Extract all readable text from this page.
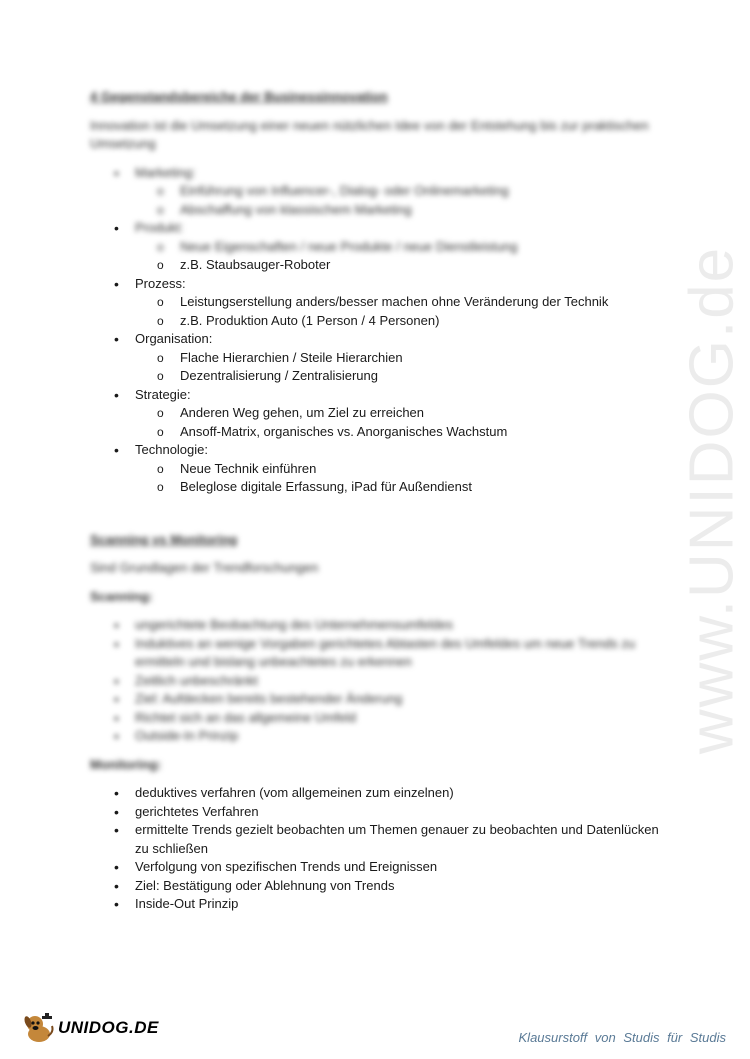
www.UNIDOG.de

4 Gegenstandsbereiche der Businessinnovation

Innovation ist die Umsetzung einer neuen nützlichen Idee von der Entstehung bis zur praktischen Umsetzung

• Marketing:
o Einführung von Influencer-, Dialog- oder Onlinemarketing
o Abschaffung von klassischem Marketing
• Produkt:
o Neue Eigenschaften / neue Produkte / neue Dienstleistung
o z.B. Staubsauger-Roboter
• Prozess:
o Leistungserstellung anders/besser machen ohne Veränderung der Technik
o z.B. Produktion Auto (1 Person / 4 Personen)
• Organisation:
o Flache Hierarchien / Steile Hierarchien
o Dezentralisierung / Zentralisierung
• Strategie:
o Anderen Weg gehen, um Ziel zu erreichen
o Ansoff-Matrix, organisches vs. Anorganisches Wachstum
• Technologie:
o Neue Technik einführen
o Beleglose digitale Erfassung, iPad für Außendienst

Scanning vs Monitoring

Sind Grundlagen der Trendforschungen

Scanning:

• ungerichtete Beobachtung des Unternehmensumfeldes
• Induktives an wenige Vorgaben gerichtetes Abtasten des Umfeldes um neue Trends zu ermitteln und bislang unbeachtetes zu erkennen
• Zeitlich unbeschränkt
• Ziel: Aufdecken bereits bestehender Änderung
• Richtet sich an das allgemeine Umfeld
• Outside-In Prinzip

Monitoring:

• deduktives verfahren (vom allgemeinen zum einzelnen)
• gerichtetes Verfahren
• ermittelte Trends gezielt beobachten um Themen genauer zu beobachten und Datenlücken zu schließen
• Verfolgung von spezifischen Trends und Ereignissen
• Ziel: Bestätigung oder Ablehnung von Trends
• Inside-Out Prinzip
UNIDOG.DE
Klausurstoff von Studis für Studis
